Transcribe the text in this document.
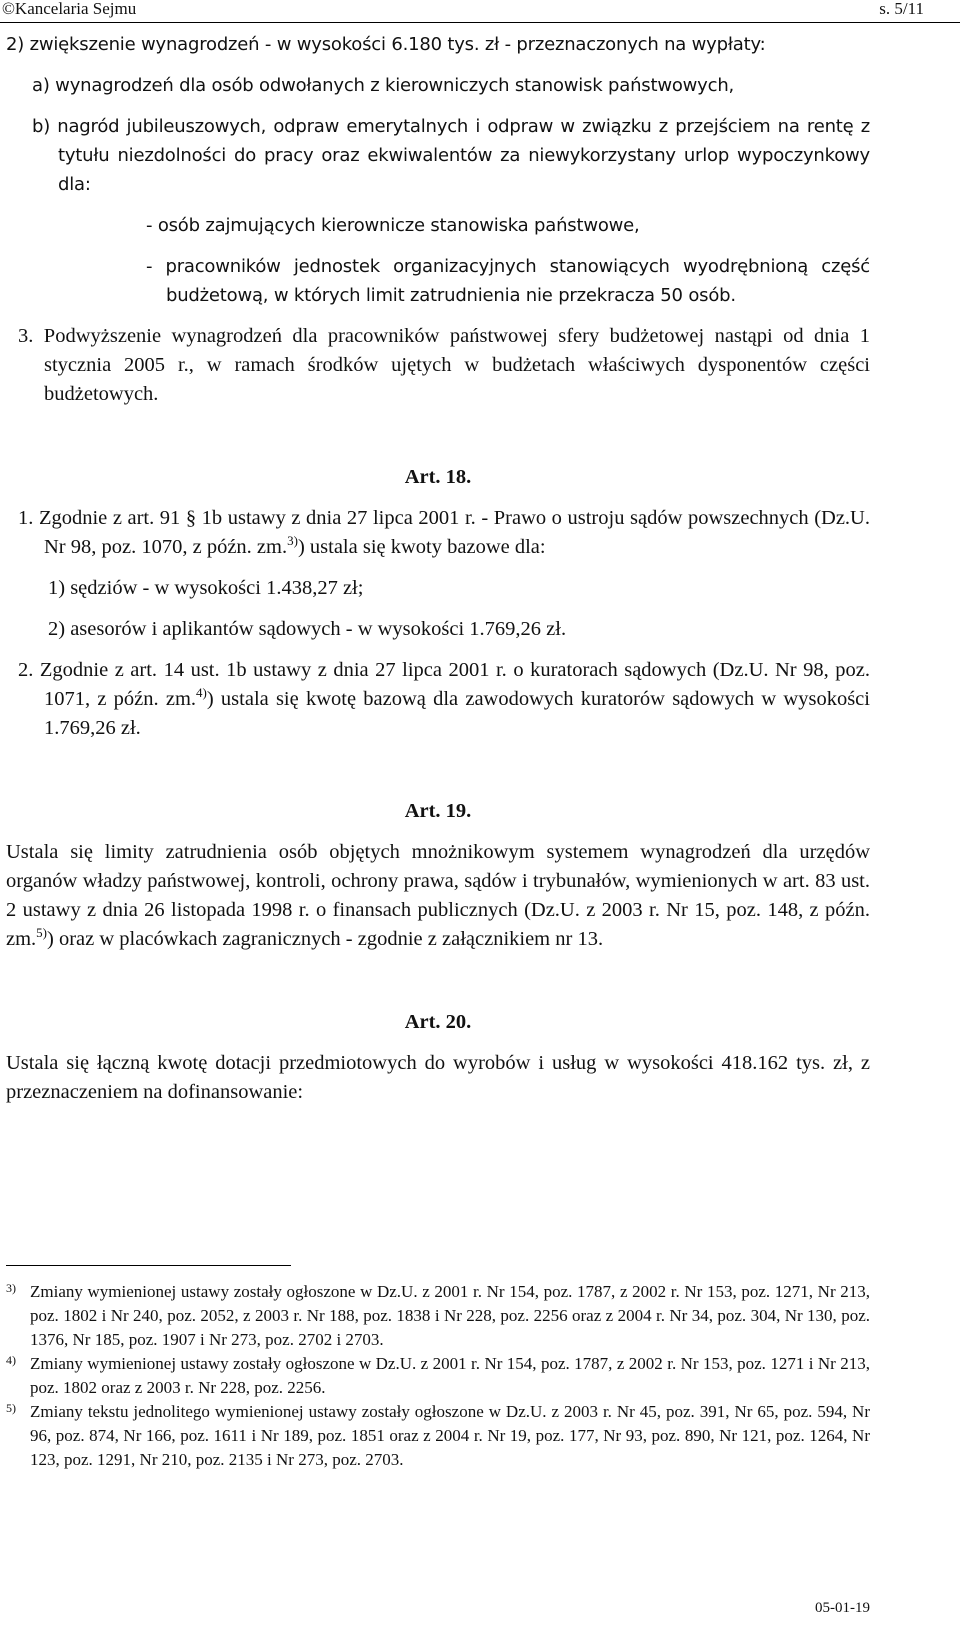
©Kancelaria Sejmu	s. 5/11

2) zwiększenie wynagrodzeń - w wysokości 6.180 tys. zł - przeznaczonych na wypłaty:

a) wynagrodzeń dla osób odwołanych z kierowniczych stanowisk państwowych,

b) nagród jubileuszowych, odpraw emerytalnych i odpraw w związku z przejściem na rentę z tytułu niezdolności do pracy oraz ekwiwalentów za niewykorzystany urlop wypoczynkowy dla:

- osób zajmujących kierownicze stanowiska państwowe,

- pracowników jednostek organizacyjnych stanowiących wyodrębnioną część budżetową, w których limit zatrudnienia nie przekracza 50 osób.

3. Podwyższenie wynagrodzeń dla pracowników państwowej sfery budżetowej nastąpi od dnia 1 stycznia 2005 r., w ramach środków ujętych w budżetach właściwych dysponentów części budżetowych.

Art. 18.

1. Zgodnie z art. 91 § 1b ustawy z dnia 27 lipca 2001 r. - Prawo o ustroju sądów powszechnych (Dz.U. Nr 98, poz. 1070, z późn. zm.$^{3)}$) ustala się kwoty bazowe dla:

1) sędziów - w wysokości 1.438,27 zł;

2) asesorów i aplikantów sądowych - w wysokości 1.769,26 zł.

2. Zgodnie z art. 14 ust. 1b ustawy z dnia 27 lipca 2001 r. o kuratorach sądowych (Dz.U. Nr 98, poz. 1071, z późn. zm.$^{4)}$) ustala się kwotę bazową dla zawodowych kuratorów sądowych w wysokości 1.769,26 zł.

Art. 19.

Ustala się limity zatrudnienia osób objętych mnożnikowym systemem wynagrodzeń dla urzędów organów władzy państwowej, kontroli, ochrony prawa, sądów i trybunałów, wymienionych w art. 83 ust. 2 ustawy z dnia 26 listopada 1998 r. o finansach publicznych (Dz.U. z 2003 r. Nr 15, poz. 148, z późn. zm.$^{5)}$) oraz w placówkach zagranicznych - zgodnie z załącznikiem nr 13.

Art. 20.

Ustala się łączną kwotę dotacji przedmiotowych do wyrobów i usług w wysokości 418.162 tys. zł, z przeznaczeniem na dofinansowanie:

3) Zmiany wymienionej ustawy zostały ogłoszone w Dz.U. z 2001 r. Nr 154, poz. 1787, z 2002 r. Nr 153, poz. 1271, Nr 213, poz. 1802 i Nr 240, poz. 2052, z 2003 r. Nr 188, poz. 1838 i Nr 228, poz. 2256 oraz z 2004 r. Nr 34, poz. 304, Nr 130, poz. 1376, Nr 185, poz. 1907 i Nr 273, poz. 2702 i 2703.
4) Zmiany wymienionej ustawy zostały ogłoszone w Dz.U. z 2001 r. Nr 154, poz. 1787, z 2002 r. Nr 153, poz. 1271 i Nr 213, poz. 1802 oraz z 2003 r. Nr 228, poz. 2256.
5) Zmiany tekstu jednolitego wymienionej ustawy zostały ogłoszone w Dz.U. z 2003 r. Nr 45, poz. 391, Nr 65, poz. 594, Nr 96, poz. 874, Nr 166, poz. 1611 i Nr 189, poz. 1851 oraz z 2004 r. Nr 19, poz. 177, Nr 93, poz. 890, Nr 121, poz. 1264, Nr 123, poz. 1291, Nr 210, poz. 2135 i Nr 273, poz. 2703.
05-01-19
